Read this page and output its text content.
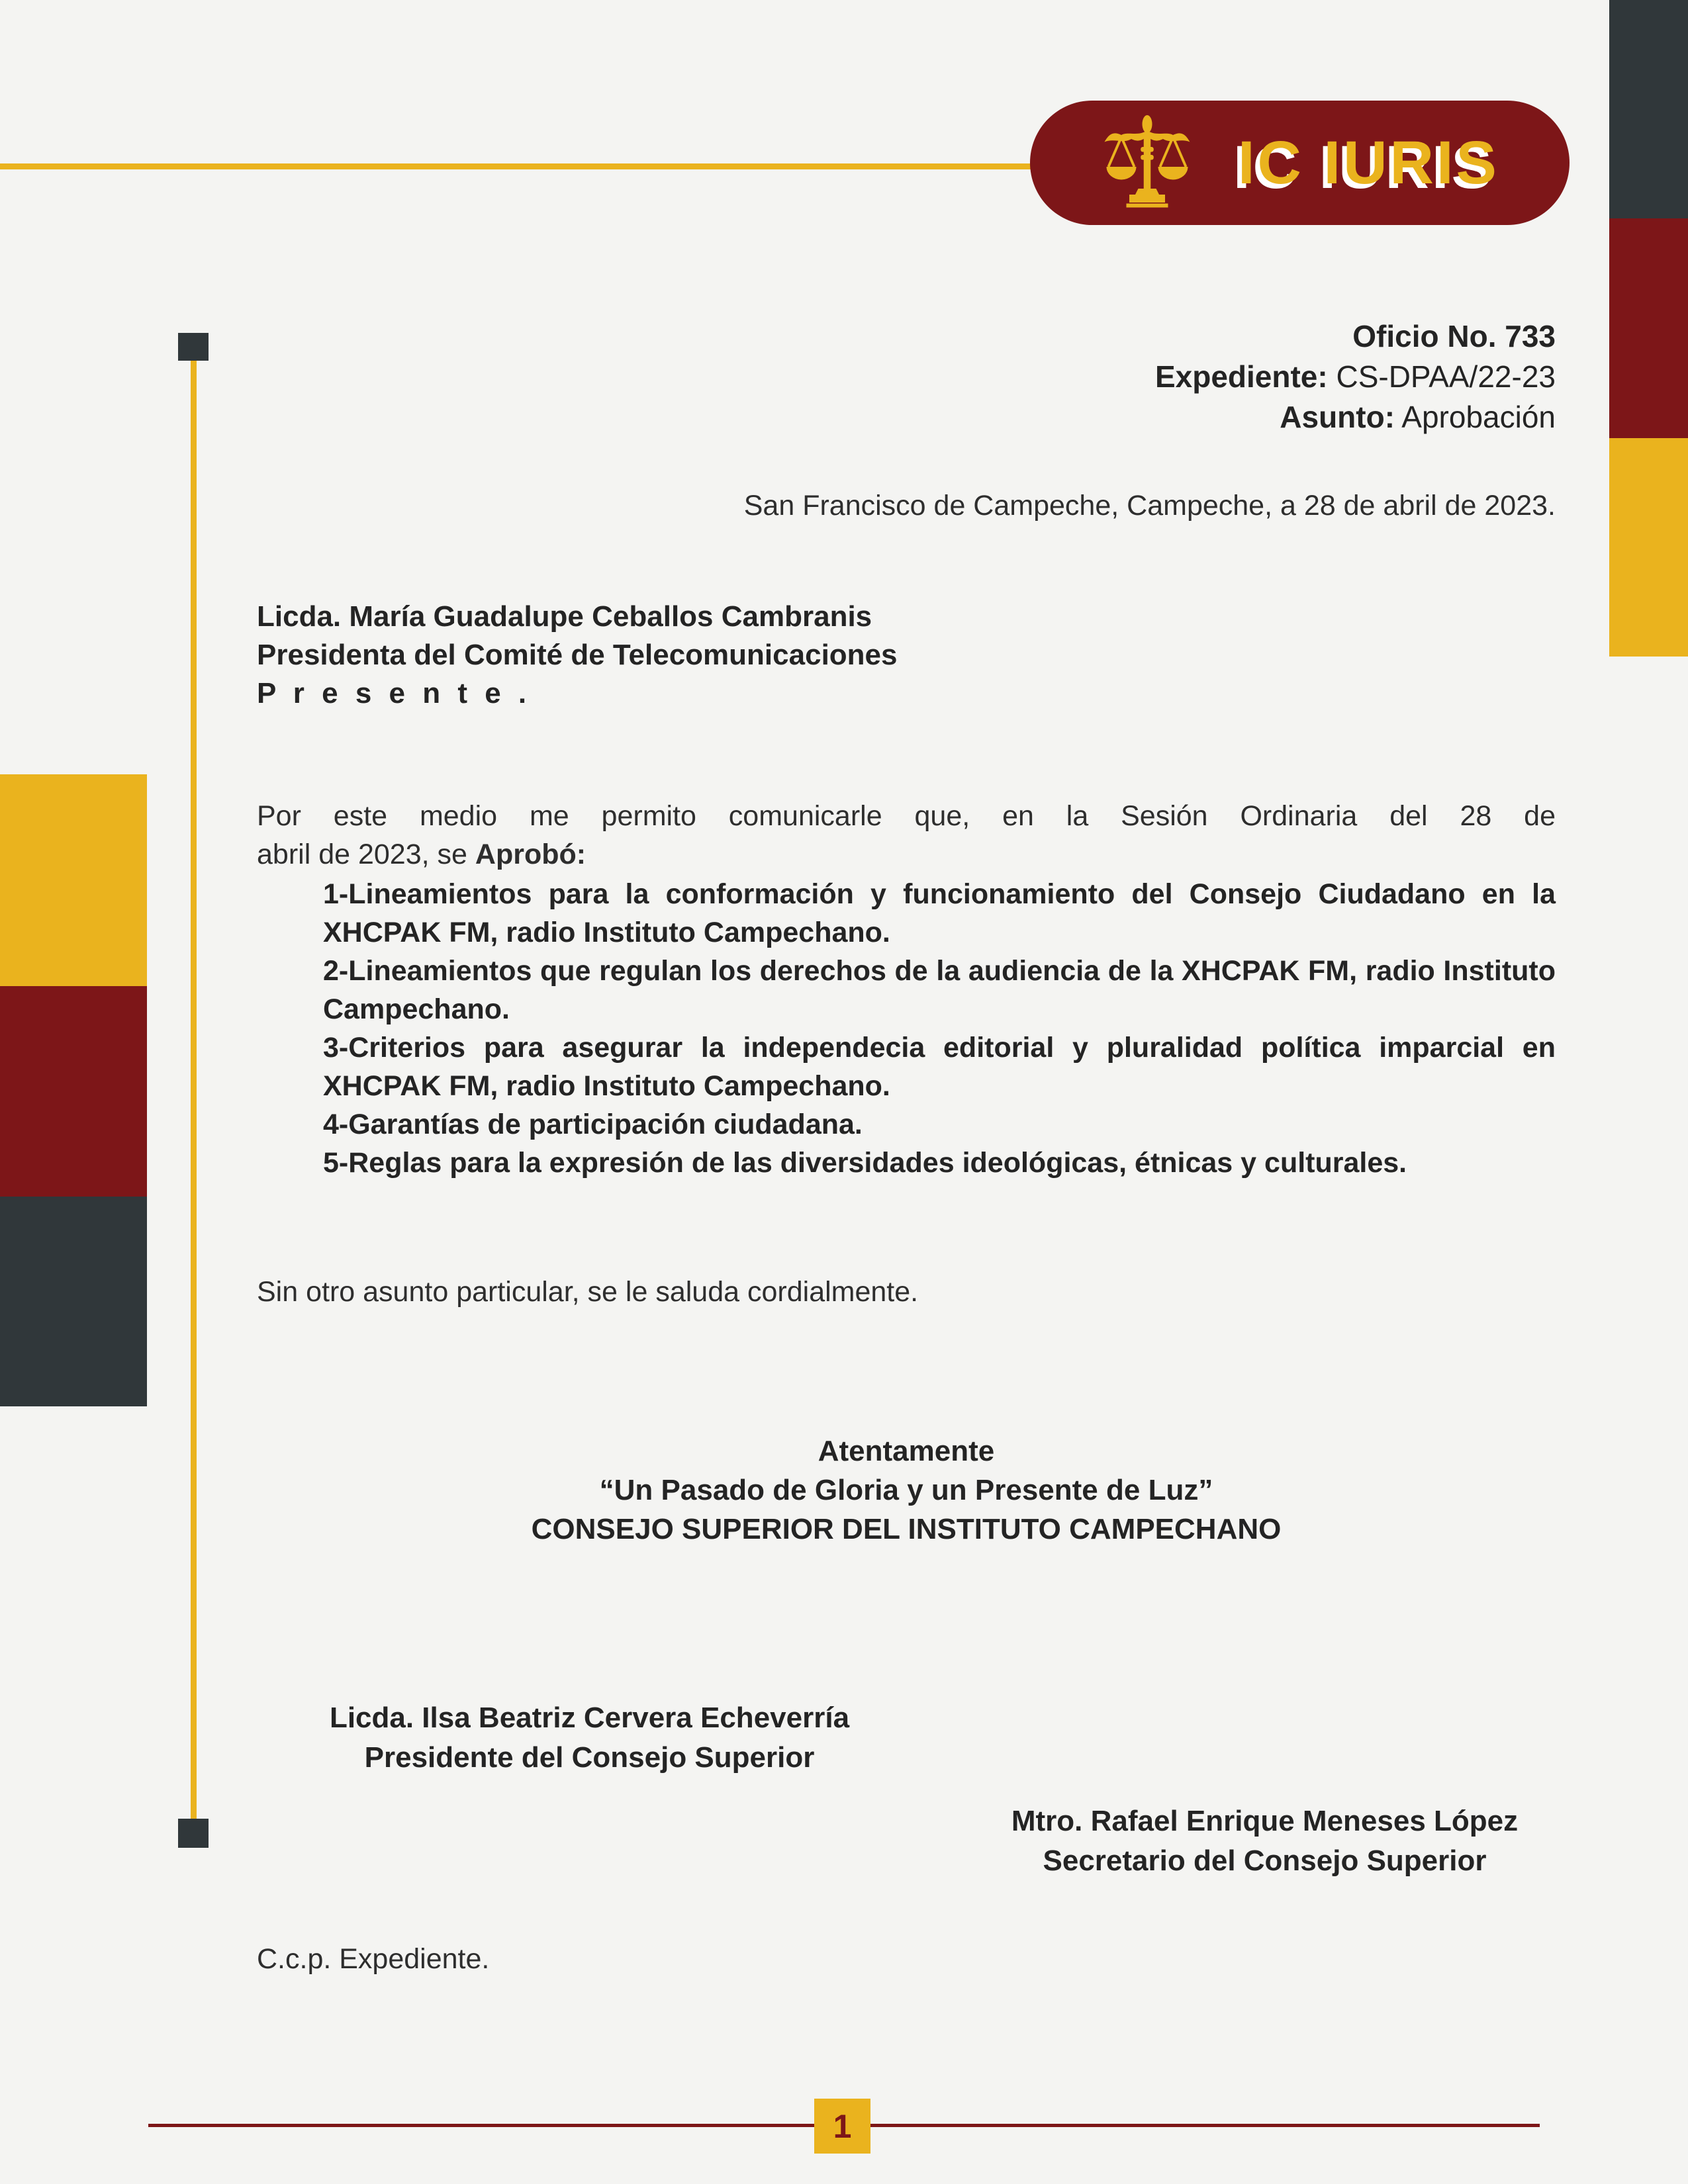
IC IURIS
Oficio No. 733
Expediente: CS-DPAA/22-23
Asunto: Aprobación
San Francisco de Campeche, Campeche, a 28 de abril de 2023.
Licda. María Guadalupe Ceballos Cambranis
Presidenta del Comité de Telecomunicaciones
P r e s e n t e .
Por este medio me permito comunicarle que, en la Sesión Ordinaria del 28 de
abril de 2023, se Aprobó:

1-Lineamientos para la conformación y funcionamiento del Consejo Ciudadano en la XHCPAK FM, radio Instituto Campechano.

2-Lineamientos que regulan los derechos de la audiencia de la XHCPAK FM, radio Instituto Campechano.

3-Criterios para asegurar la independecia editorial y pluralidad política imparcial en XHCPAK FM, radio Instituto Campechano.

4-Garantías de participación ciudadana.

5-Reglas para la expresión de las diversidades ideológicas, étnicas y culturales.

Sin otro asunto particular, se le saluda cordialmente.
Atentamente
“Un Pasado de Gloria y un Presente de Luz”
CONSEJO SUPERIOR DEL INSTITUTO CAMPECHANO
Licda. Ilsa Beatriz Cervera Echeverría
Presidente del Consejo Superior
Mtro. Rafael Enrique Meneses López
Secretario del Consejo Superior
C.c.p. Expediente.
1
